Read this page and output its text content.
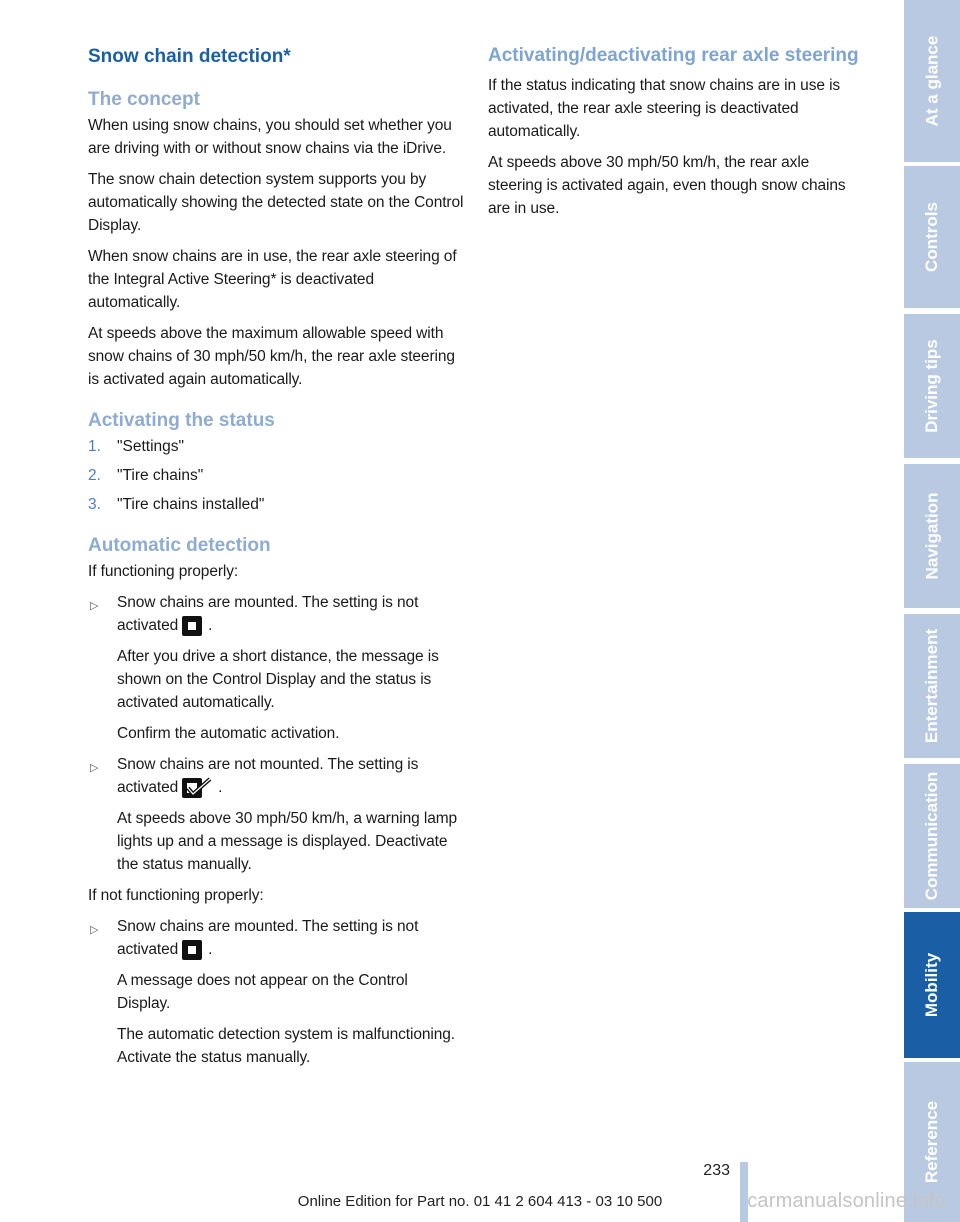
Snow chain detection*
The concept

When using snow chains, you should set whether you are driving with or without snow chains via the iDrive.

The snow chain detection system supports you by automatically showing the detected state on the Control Display.

When snow chains are in use, the rear axle steering of the Integral Active Steering* is deactivated automatically.

At speeds above the maximum allowable speed with snow chains of 30 mph/50 km/h, the rear axle steering is activated again automatically.

Activating the status
1. "Settings"
2. "Tire chains"
3. "Tire chains installed"
Automatic detection

If functioning properly:

▷ Snow chains are mounted. The setting is not activated .

After you drive a short distance, the message is shown on the Control Display and the status is activated automatically.

Confirm the automatic activation.

▷ Snow chains are not mounted. The setting is activated	.

At speeds above 30 mph/50 km/h, a warning lamp lights up and a message is displayed. Deactivate the status manually.

If not functioning properly:

▷ Snow chains are mounted. The setting is not activated .

A message does not appear on the Control Display.

The automatic detection system is malfunctioning. Activate the status manually.

Activating/deactivating rear axle steering

If the status indicating that snow chains are in use is activated, the rear axle steering is deactivated automatically.

At speeds above 30 mph/50 km/h, the rear axle steering is activated again, even though snow chains are in use.

At a glance
Controls
Driving tips
Navigation
Entertainment
Communication
Mobility
Reference
233
Online Edition for Part no. 01 41 2 604 413 - 03 10 500	carmanualsonline.info
